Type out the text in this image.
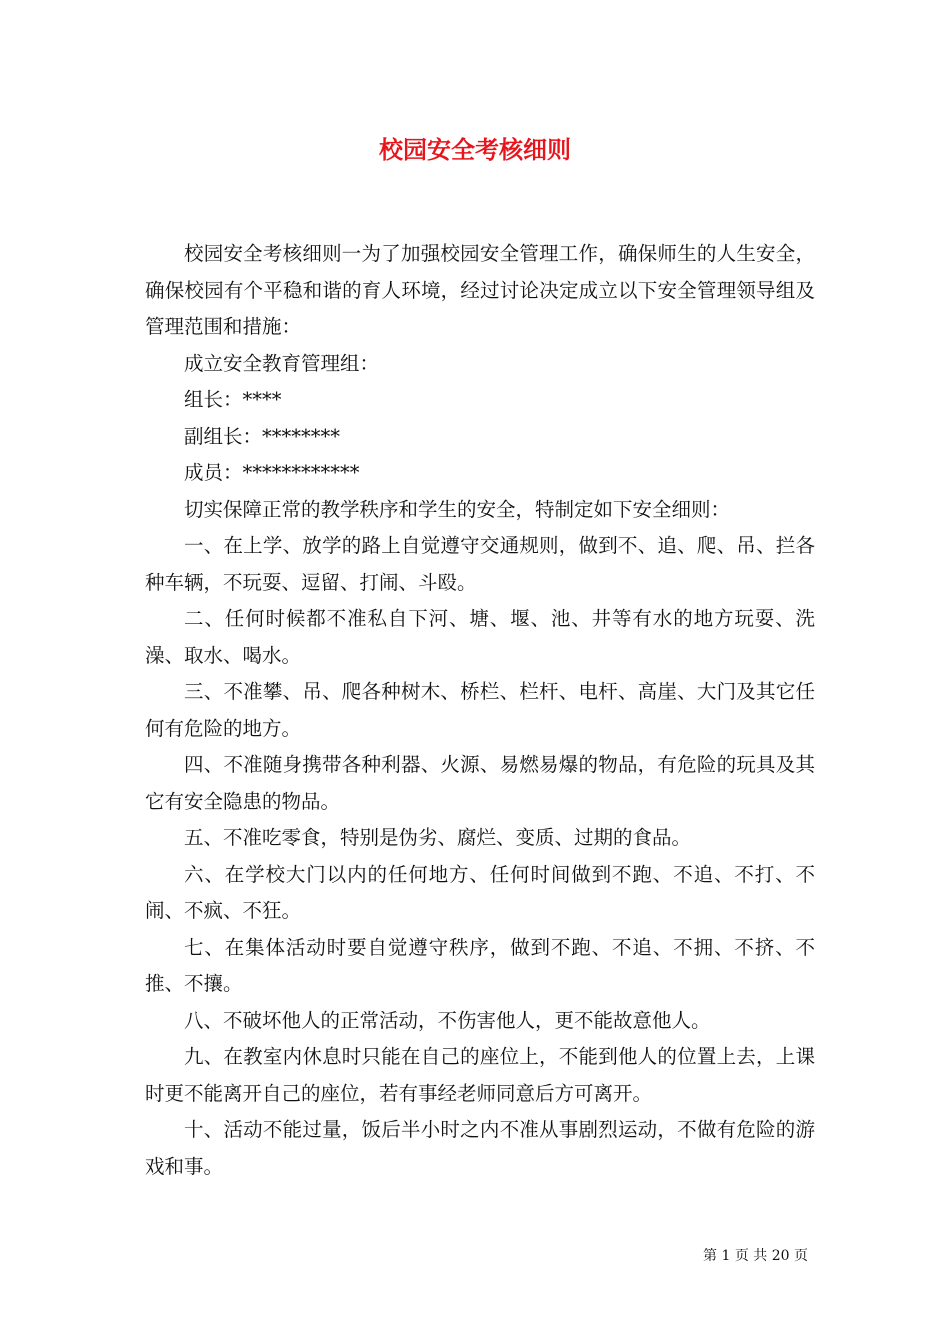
校园安全考核细则

校园安全考核细则一为了加强校园安全管理工作，确保师生的人生安全，确保校园有个平稳和谐的育人环境，经过讨论决定成立以下安全管理领导组及管理范围和措施：

成立安全教育管理组：

组长：****

副组长：********

成员：************

切实保障正常的教学秩序和学生的安全，特制定如下安全细则：

一、在上学、放学的路上自觉遵守交通规则，做到不、追、爬、吊、拦各种车辆，不玩耍、逗留、打闹、斗殴。

二、任何时候都不准私自下河、塘、堰、池、井等有水的地方玩耍、洗澡、取水、喝水。

三、不准攀、吊、爬各种树木、桥栏、栏杆、电杆、高崖、大门及其它任何有危险的地方。

四、不准随身携带各种利器、火源、易燃易爆的物品，有危险的玩具及其它有安全隐患的物品。

五、不准吃零食，特别是伪劣、腐烂、变质、过期的食品。

六、在学校大门以内的任何地方、任何时间做到不跑、不追、不打、不闹、不疯、不狂。

七、在集体活动时要自觉遵守秩序，做到不跑、不追、不拥、不挤、不推、不攘。

八、不破坏他人的正常活动，不伤害他人，更不能故意他人。

九、在教室内休息时只能在自己的座位上，不能到他人的位置上去，上课时更不能离开自己的座位，若有事经老师同意后方可离开。

十、活动不能过量，饭后半小时之内不准从事剧烈运动，不做有危险的游戏和事。

第 1 页 共 20 页
